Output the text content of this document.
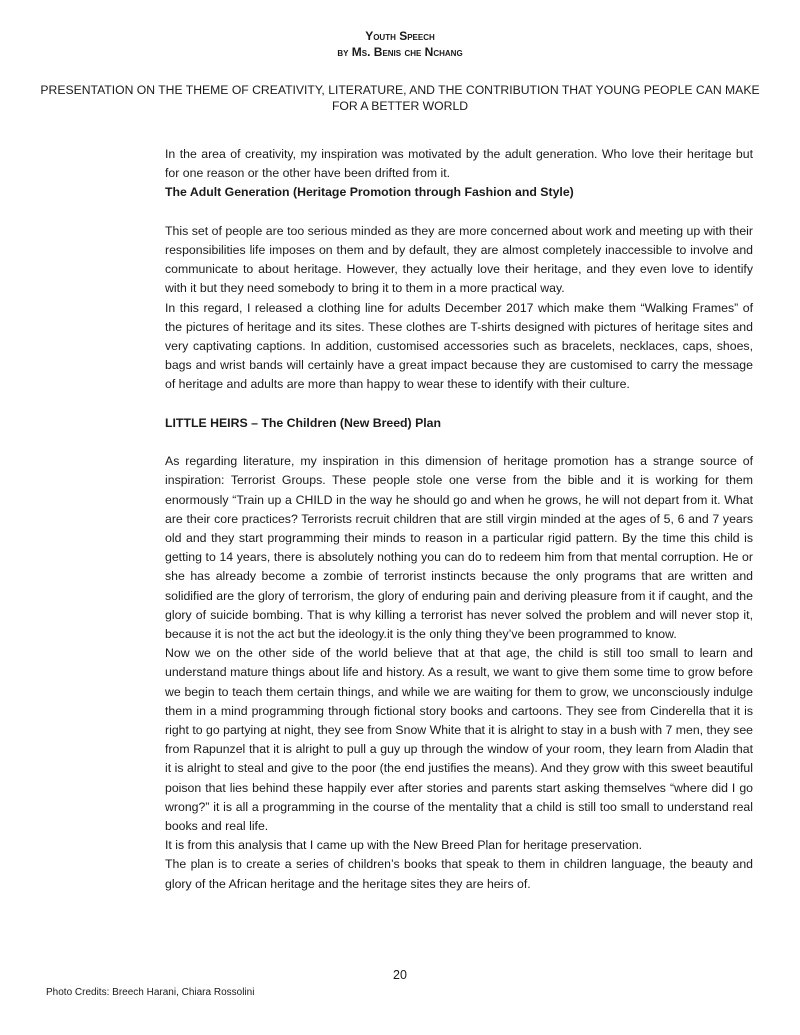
Youth Speech
by Ms. Benis che Nchang
PRESENTATION ON THE THEME OF CREATIVITY, LITERATURE, AND THE CONTRIBUTION THAT YOUNG PEOPLE CAN MAKE FOR A BETTER WORLD

In the area of creativity, my inspiration was motivated by the adult generation. Who love their heritage but for one reason or the other have been drifted from it.

The Adult Generation (Heritage Promotion through Fashion and Style)

This set of people are too serious minded as they are more concerned about work and meeting up with their responsibilities life imposes on them and by default, they are almost completely inaccessible to involve and communicate to about heritage. However, they actually love their heritage, and they even love to identify with it but they need somebody to bring it to them in a more practical way.

In this regard, I released a clothing line for adults December 2017 which make them “Walking Frames” of the pictures of heritage and its sites. These clothes are T-shirts designed with pictures of heritage sites and very captivating captions. In addition, customised accessories such as bracelets, necklaces, caps, shoes, bags and wrist bands will certainly have a great impact because they are customised to carry the message of heritage and adults are more than happy to wear these to identify with their culture.

LITTLE HEIRS – The Children (New Breed) Plan

As regarding literature, my inspiration in this dimension of heritage promotion has a strange source of inspiration: Terrorist Groups. These people stole one verse from the bible and it is working for them enormously “Train up a CHILD in the way he should go and when he grows, he will not depart from it. What are their core practices? Terrorists recruit children that are still virgin minded at the ages of 5, 6 and 7 years old and they start programming their minds to reason in a particular rigid pattern. By the time this child is getting to 14 years, there is absolutely nothing you can do to redeem him from that mental corruption. He or she has already become a zombie of terrorist instincts because the only programs that are written and solidified are the glory of terrorism, the glory of enduring pain and deriving pleasure from it if caught, and the glory of suicide bombing. That is why killing a terrorist has never solved the problem and will never stop it, because it is not the act but the ideology.it is the only thing they’ve been programmed to know.

Now we on the other side of the world believe that at that age, the child is still too small to learn and understand mature things about life and history. As a result, we want to give them some time to grow before we begin to teach them certain things, and while we are waiting for them to grow, we unconsciously indulge them in a mind programming through fictional story books and cartoons. They see from Cinderella that it is right to go partying at night, they see from Snow White that it is alright to stay in a bush with 7 men, they see from Rapunzel that it is alright to pull a guy up through the window of your room, they learn from Aladin that it is alright to steal and give to the poor (the end justifies the means). And they grow with this sweet beautiful poison that lies behind these happily ever after stories and parents start asking themselves “where did I go wrong?” it is all a programming in the course of the mentality that a child is still too small to understand real books and real life.

It is from this analysis that I came up with the New Breed Plan for heritage preservation.

The plan is to create a series of children’s books that speak to them in children language, the beauty and glory of the African heritage and the heritage sites they are heirs of.

20
Photo Credits: Breech Harani, Chiara Rossolini
